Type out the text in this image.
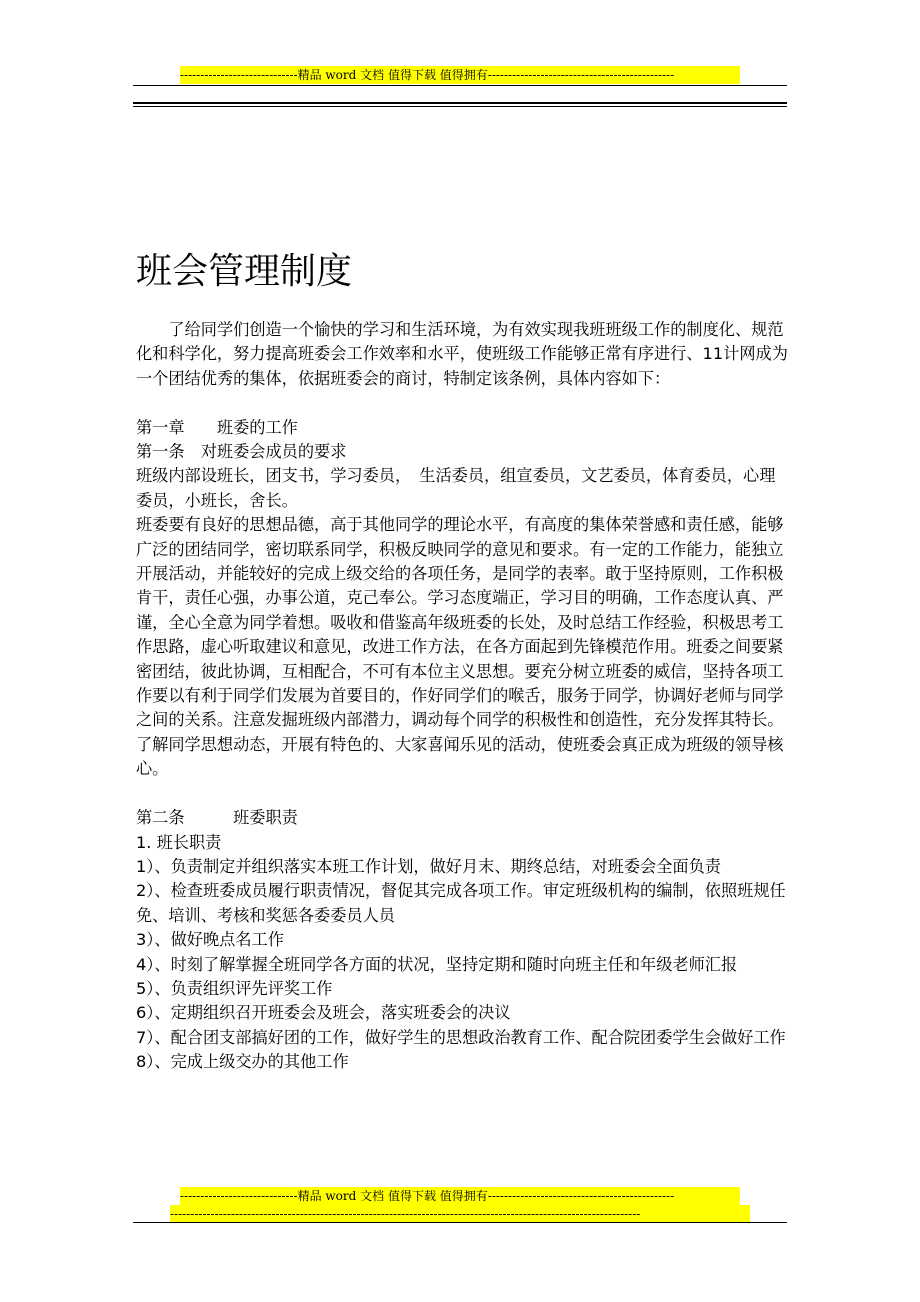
-----------------------------精品 word 文档 值得下载 值得拥有----------------------------------------------
班会管理制度

了给同学们创造一个愉快的学习和生活环境，为有效实现我班班级工作的制度化、规范化和科学化，努力提高班委会工作效率和水平，使班级工作能够正常有序进行、11计网成为一个团结优秀的集体，依据班委会的商讨，特制定该条例，具体内容如下：

第一章　　班委的工作

第一条　对班委会成员的要求

班级内部设班长，团支书，学习委员，　生活委员，组宣委员，文艺委员，体育委员，心理委员，小班长，舍长。

班委要有良好的思想品德，高于其他同学的理论水平，有高度的集体荣誉感和责任感，能够广泛的团结同学，密切联系同学，积极反映同学的意见和要求。有一定的工作能力，能独立开展活动，并能较好的完成上级交给的各项任务，是同学的表率。敢于坚持原则，工作积极肯干，责任心强，办事公道，克己奉公。学习态度端正，学习目的明确，工作态度认真、严谨，全心全意为同学着想。吸收和借鉴高年级班委的长处，及时总结工作经验，积极思考工作思路，虚心听取建议和意见，改进工作方法，在各方面起到先锋模范作用。班委之间要紧密团结，彼此协调，互相配合，不可有本位主义思想。要充分树立班委的威信，坚持各项工作要以有利于同学们发展为首要目的，作好同学们的喉舌，服务于同学，协调好老师与同学之间的关系。注意发掘班级内部潜力，调动每个同学的积极性和创造性，充分发挥其特长。了解同学思想动态，开展有特色的、大家喜闻乐见的活动，使班委会真正成为班级的领导核心。

第二条　　　班委职责

1. 班长职责

1）、负责制定并组织落实本班工作计划，做好月末、期终总结，对班委会全面负责

2）、检查班委成员履行职责情况，督促其完成各项工作。审定班级机构的编制，依照班规任免、培训、考核和奖惩各委委员人员

3）、做好晚点名工作

4）、时刻了解掌握全班同学各方面的状况，坚持定期和随时向班主任和年级老师汇报

5）、负责组织评先评奖工作

6）、定期组织召开班委会及班会，落实班委会的决议

7）、配合团支部搞好团的工作，做好学生的思想政治教育工作、配合院团委学生会做好工作

8）、完成上级交办的其他工作

-----------------------------精品 word 文档 值得下载 值得拥有----------------------------------------------
--------------------------------------------------------------------------------------------------------------------
